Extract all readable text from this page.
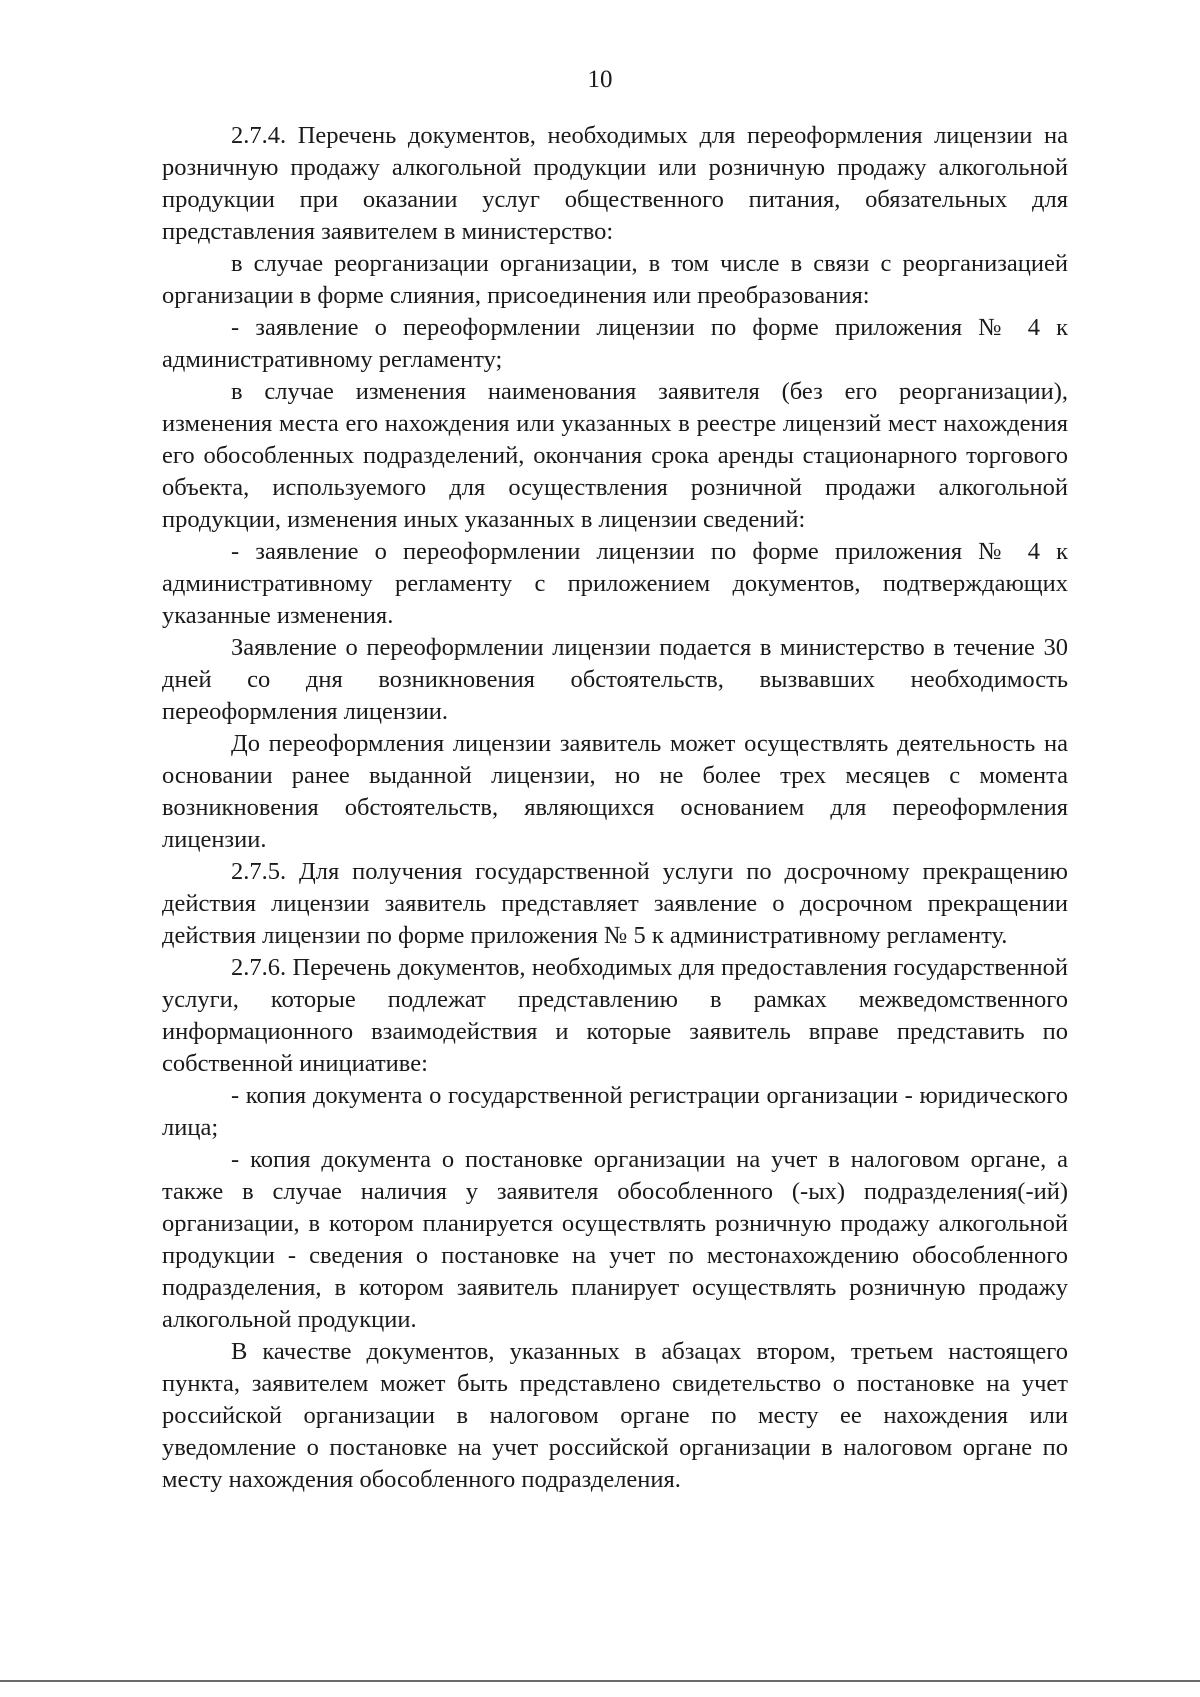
10

2.7.4. Перечень документов, необходимых для переоформления лицензии на розничную продажу алкогольной продукции или розничную продажу алкогольной продукции при оказании услуг общественного питания, обязательных для представления заявителем в министерство:

в случае реорганизации организации, в том числе в связи с реорганизацией организации в форме слияния, присоединения или преобразования:

- заявление о переоформлении лицензии по форме приложения № 4 к административному регламенту;

в случае изменения наименования заявителя (без его реорганизации), изменения места его нахождения или указанных в реестре лицензий мест нахождения его обособленных подразделений, окончания срока аренды стационарного торгового объекта, используемого для осуществления розничной продажи алкогольной продукции, изменения иных указанных в лицензии сведений:

- заявление о переоформлении лицензии по форме приложения № 4 к административному регламенту с приложением документов, подтверждающих указанные изменения.

Заявление о переоформлении лицензии подается в министерство в течение 30 дней со дня возникновения обстоятельств, вызвавших необходимость переоформления лицензии.

До переоформления лицензии заявитель может осуществлять деятельность на основании ранее выданной лицензии, но не более трех месяцев с момента возникновения обстоятельств, являющихся основанием для переоформления лицензии.

2.7.5. Для получения государственной услуги по досрочному прекращению действия лицензии заявитель представляет заявление о досрочном прекращении действия лицензии по форме приложения № 5 к административному регламенту.

2.7.6. Перечень документов, необходимых для предоставления государственной услуги, которые подлежат представлению в рамках межведомственного информационного взаимодействия и которые заявитель вправе представить по собственной инициативе:

- копия документа о государственной регистрации организации - юридического лица;

- копия документа о постановке организации на учет в налоговом органе, а также в случае наличия у заявителя обособленного (-ых) подразделения(-ий) организации, в котором планируется осуществлять розничную продажу алкогольной продукции - сведения о постановке на учет по местонахождению обособленного подразделения, в котором заявитель планирует осуществлять розничную продажу алкогольной продукции.

В качестве документов, указанных в абзацах втором, третьем настоящего пункта, заявителем может быть представлено свидетельство о постановке на учет российской организации в налоговом органе по месту ее нахождения или уведомление о постановке на учет российской организации в налоговом органе по месту нахождения обособленного подразделения.
